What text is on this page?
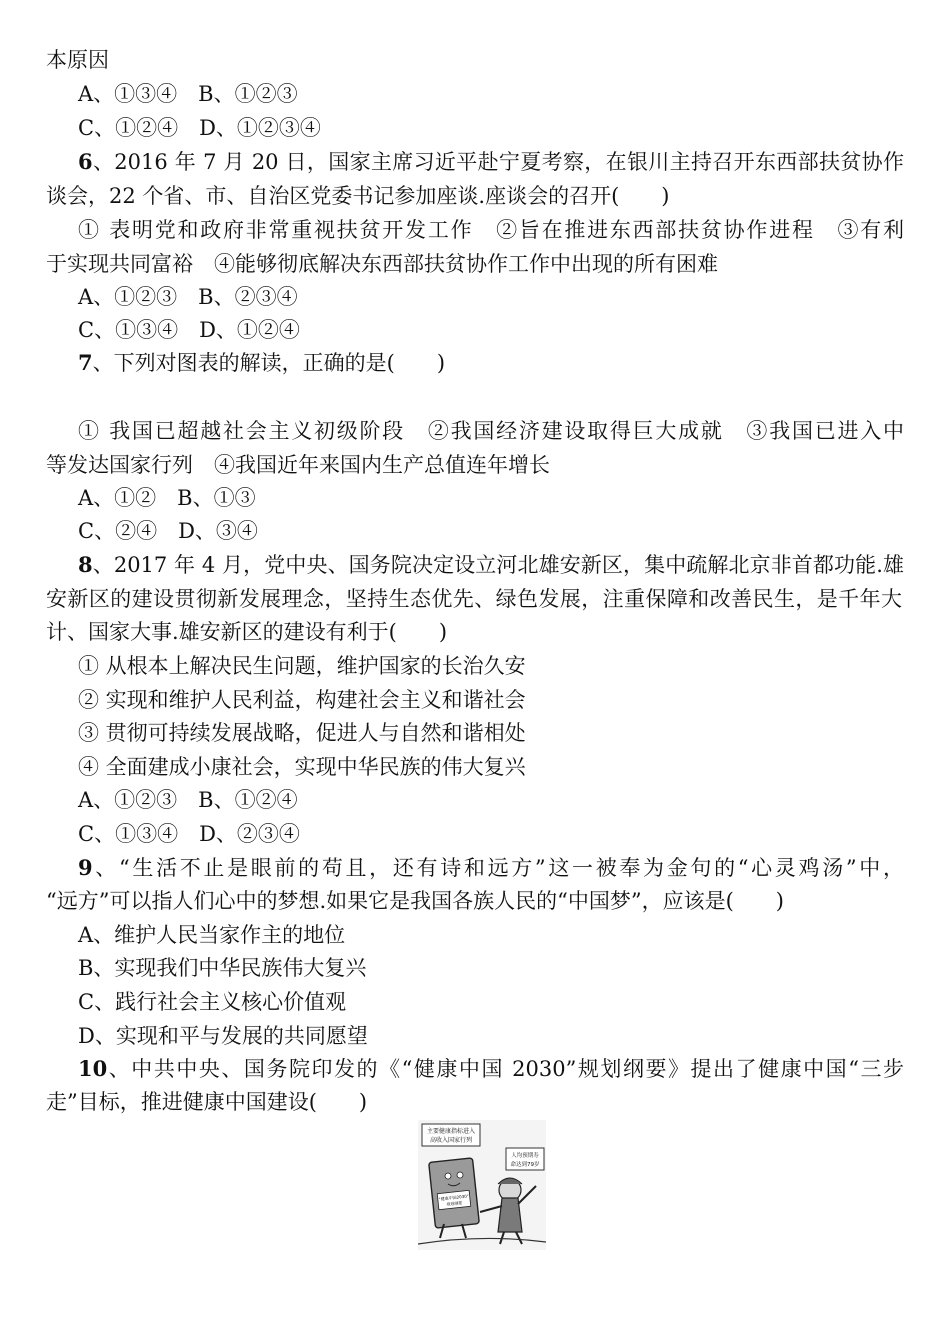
本原因
A、①③④　B、①②③
C、①②④　D、①②③④
6、2016 年 7 月 20 日，国家主席习近平赴宁夏考察，在银川主持召开东西部扶贫协作
谈会，22 个省、市、自治区党委书记参加座谈.座谈会的召开(　　)
① 表明党和政府非常重视扶贫开发工作　②旨在推进东西部扶贫协作进程　③有利
于实现共同富裕　④能够彻底解决东西部扶贫协作工作中出现的所有困难
A、①②③　B、②③④
C、①③④　D、①②④
7、下列对图表的解读，正确的是(　　)
① 我国已超越社会主义初级阶段　②我国经济建设取得巨大成就　③我国已进入中
等发达国家行列　④我国近年来国内生产总值连年增长
A、①②　B、①③
C、②④　D、③④
8、2017 年 4 月，党中央、国务院决定设立河北雄安新区，集中疏解北京非首都功能.雄
安新区的建设贯彻新发展理念，坚持生态优先、绿色发展，注重保障和改善民生，是千年大
计、国家大事.雄安新区的建设有利于(　　)
① 从根本上解决民生问题，维护国家的长治久安
② 实现和维护人民利益，构建社会主义和谐社会
③ 贯彻可持续发展战略，促进人与自然和谐相处
④ 全面建成小康社会，实现中华民族的伟大复兴
A、①②③　B、①②④
C、①③④　D、②③④
9、“生活不止是眼前的苟且，还有诗和远方”这一被奉为金句的“心灵鸡汤”中，
“远方”可以指人们心中的梦想.如果它是我国各族人民的“中国梦”，应该是(　　)
A、维护人民当家作主的地位
B、实现我们中华民族伟大复兴
C、践行社会主义核心价值观
D、实现和平与发展的共同愿望
10、中共中央、国务院印发的《“健康中国 2030”规划纲要》提出了健康中国“三步
走”目标，推进健康中国建设(　　)
主要健康指标进入
高收入国家行列
人均预期寿
命达到79岁
“健康中国2030”
规划纲要
